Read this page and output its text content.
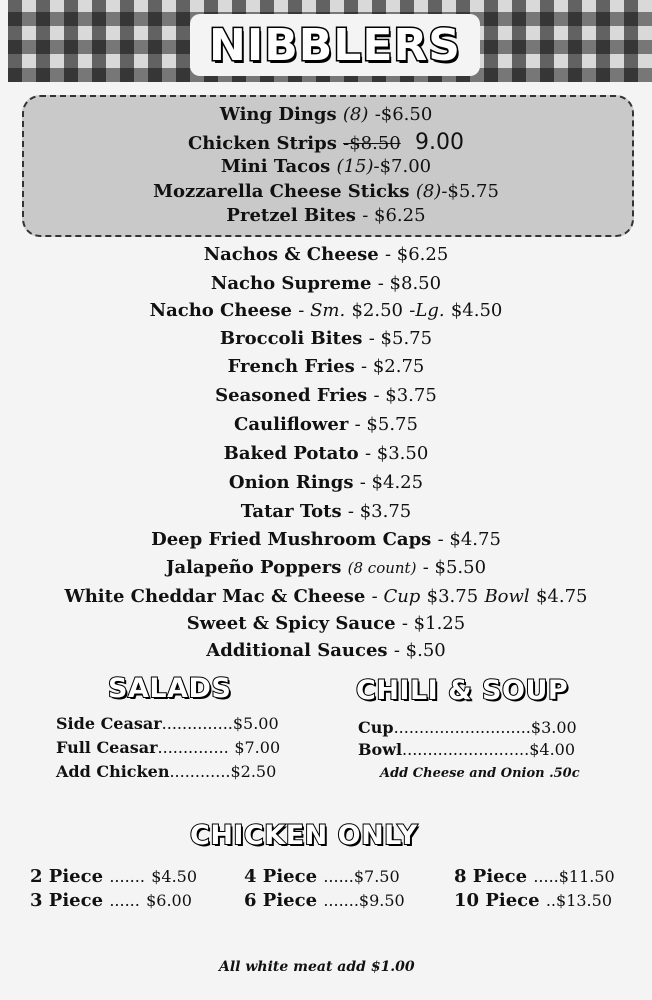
NIBBLERS
Wing Dings (8) -$6.50
Chicken Strips -$8.50 9.00
Mini Tacos (15)-$7.00
Mozzarella Cheese Sticks (8)-$5.75
Pretzel Bites - $6.25
Nachos & Cheese - $6.25
Nacho Supreme - $8.50
Nacho Cheese - Sm. $2.50 -Lg. $4.50
Broccoli Bites - $5.75
French Fries - $2.75
Seasoned Fries - $3.75
Cauliflower - $5.75
Baked Potato - $3.50
Onion Rings - $4.25
Tatar Tots - $3.75
Deep Fried Mushroom Caps - $4.75
Jalapeño Poppers (8 count) - $5.50
White Cheddar Mac & Cheese - Cup $3.75 Bowl $4.75
Sweet & Spicy Sauce - $1.25
Additional Sauces - $.50
SALADS
Side Ceasar..............$5.00
Full Ceasar.............. $7.00
Add Chicken............$2.50
CHILI & SOUP
Cup...........................$3.00
Bowl.........................$4.00
Add Cheese and Onion .50c
CHICKEN ONLY
2 Piece ....... $4.50
3 Piece ...... $6.00
4 Piece ......$7.50
6 Piece .......$9.50
8 Piece .....$11.50
10 Piece ..$13.50
All white meat add $1.00
